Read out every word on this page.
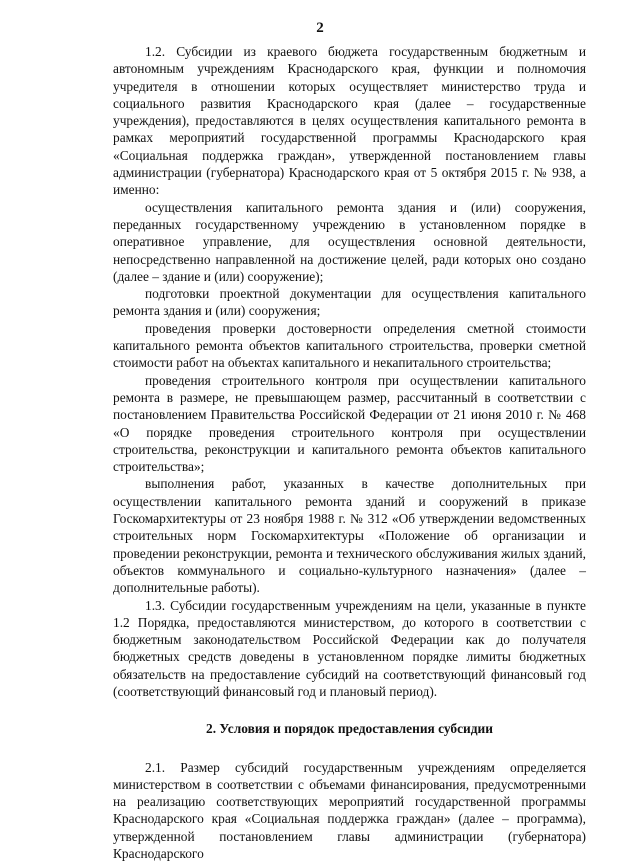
2

1.2. Субсидии из краевого бюджета государственным бюджетным и автономным учреждениям Краснодарского края, функции и полномочия учредителя в отношении которых осуществляет министерство труда и социального развития Краснодарского края (далее – государственные учреждения), предоставляются в целях осуществления капитального ремонта в рамках мероприятий государственной программы Краснодарского края «Социальная поддержка граждан», утвержденной постановлением главы администрации (губернатора) Краснодарского края от 5 октября 2015 г. № 938, а именно:

осуществления капитального ремонта здания и (или) сооружения, переданных государственному учреждению в установленном порядке в оперативное управление, для осуществления основной деятельности, непосредственно направленной на достижение целей, ради которых оно создано (далее – здание и (или) сооружение);

подготовки проектной документации для осуществления капитального ремонта здания и (или) сооружения;

проведения проверки достоверности определения сметной стоимости капитального ремонта объектов капитального строительства, проверки сметной стоимости работ на объектах капитального и некапитального строительства;

проведения строительного контроля при осуществлении капитального ремонта в размере, не превышающем размер, рассчитанный в соответствии с постановлением Правительства Российской Федерации от 21 июня 2010 г. № 468 «О порядке проведения строительного контроля при осуществлении строительства, реконструкции и капитального ремонта объектов капитального строительства»;

выполнения работ, указанных в качестве дополнительных при осуществлении капитального ремонта зданий и сооружений в приказе Госкомархитектуры от 23 ноября 1988 г. № 312 «Об утверждении ведомственных строительных норм Госкомархитектуры «Положение об организации и проведении реконструкции, ремонта и технического обслуживания жилых зданий, объектов коммунального и социально-культурного назначения» (далее – дополнительные работы).

1.3. Субсидии государственным учреждениям на цели, указанные в пункте 1.2 Порядка, предоставляются министерством, до которого в соответствии с бюджетным законодательством Российской Федерации как до получателя бюджетных средств доведены в установленном порядке лимиты бюджетных обязательств на предоставление субсидий на соответствующий финансовый год (соответствующий финансовый год и плановый период).

2. Условия и порядок предоставления субсидии

2.1. Размер субсидий государственным учреждениям определяется министерством в соответствии с объемами финансирования, предусмотренными на реализацию соответствующих мероприятий государственной программы Краснодарского края «Социальная поддержка граждан» (далее – программа), утвержденной постановлением главы администрации (губернатора) Краснодарского
